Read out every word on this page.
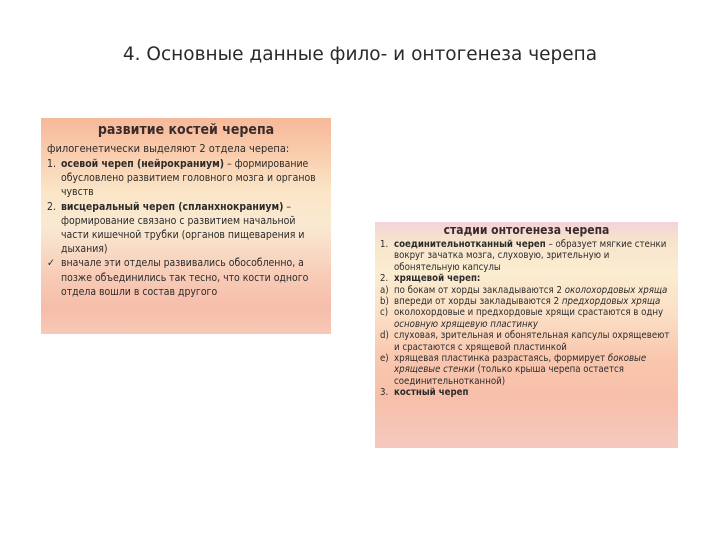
4. Основные данные фило- и онтогенеза черепа
развитие костей черепа
филогенетически выделяют 2 отдела черепа:
1. осевой череп (нейрокраниум) – формирование обусловлено развитием головного мозга и органов чувств
2. висцеральный череп (спланхнокраниум) – формирование связано с развитием начальной части кишечной трубки (органов пищеварения и дыхания)
✓ вначале эти отделы развивались обособленно, а позже объединились так тесно, что кости одного отдела вошли в состав другого
стадии онтогенеза черепа
1. соединительнотканный череп – образует мягкие стенки вокруг зачатка мозга, слуховую, зрительную и обонятельную капсулы
2. хрящевой череп:
a) по бокам от хорды закладываются 2 околохордовых хряща
b) впереди от хорды закладываются 2 предхордовых хряща
c) околохордовые и предхордовые хрящи срастаются в одну основную хрящевую пластинку
d) слуховая, зрительная и обонятельная капсулы охрящевеют и срастаются с хрящевой пластинкой
e) хрящевая пластинка разрастаясь, формирует боковые хрящевые стенки (только крыша черепа остается соединительнотканной)
3. костный череп
